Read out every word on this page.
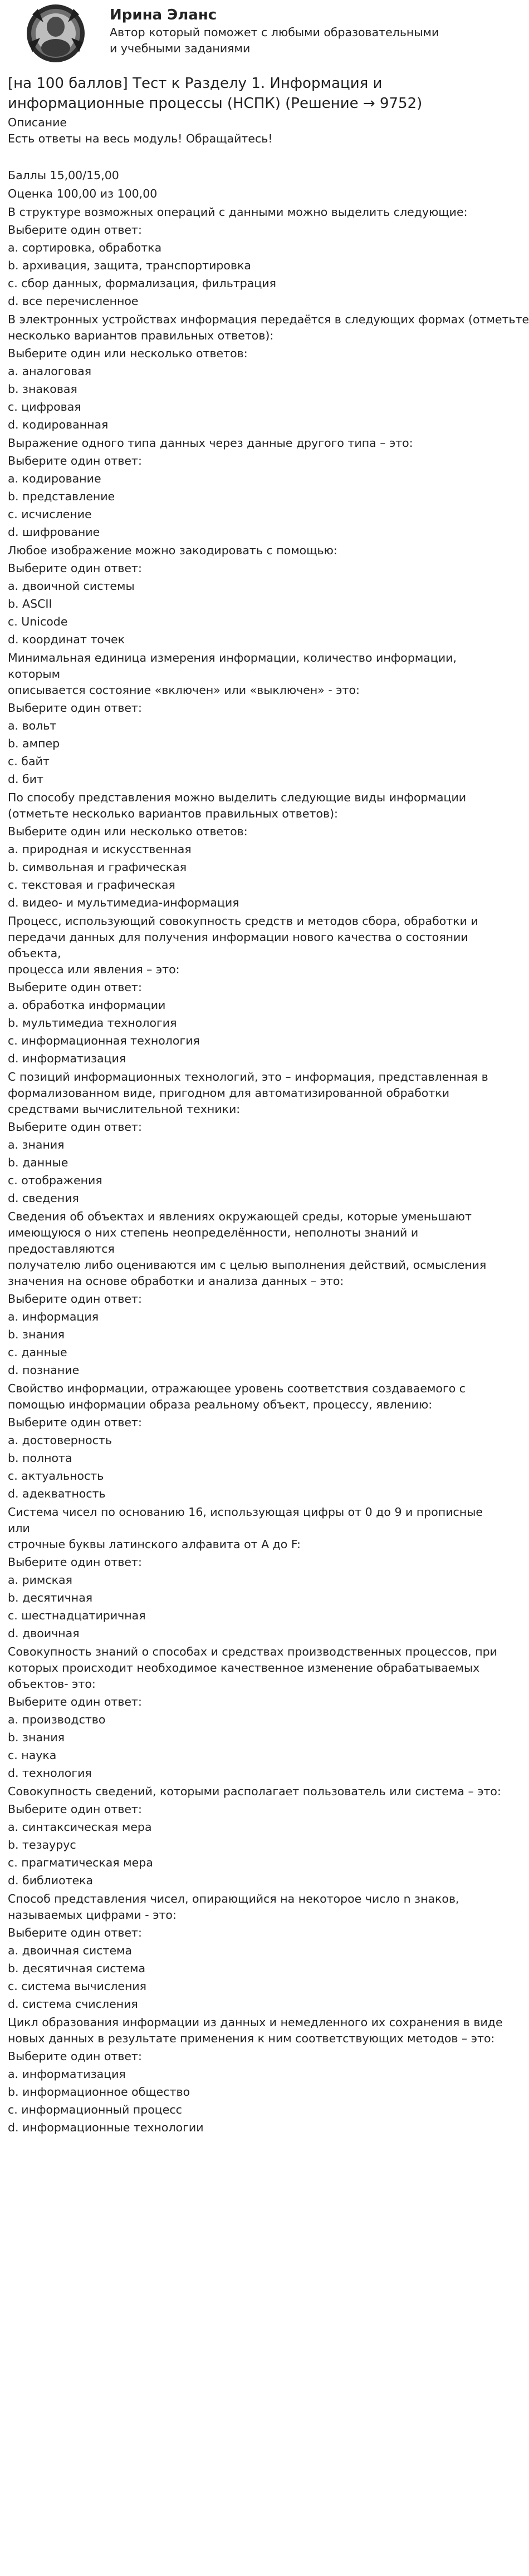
Ирина Эланс
Автор который поможет с любыми образовательными и учебными заданиями
[на 100 баллов] Тест к Разделу 1. Информация и информационные процессы (НСПК) (Решение → 9752)
Описание
Есть ответы на весь модуль! Обращайтесь!
Баллы 15,00/15,00
Оценка 100,00 из 100,00
В структуре возможных операций с данными можно выделить следующие:
Выберите один ответ:
a. сортировка, обработка
b. архивация, защита, транспортировка
c. сбор данных, формализация, фильтрация
d. все перечисленное
В электронных устройствах информация передаётся в следующих формах (отметьте
несколько вариантов правильных ответов):
Выберите один или несколько ответов:
a. аналоговая
b. знаковая
c. цифровая
d. кодированная
Выражение одного типа данных через данные другого типа – это:
Выберите один ответ:
a. кодирование
b. представление
c. исчисление
d. шифрование
Любое изображение можно закодировать с помощью:
Выберите один ответ:
a. двоичной системы
b. ASCII
c. Unicode
d. координат точек
Минимальная единица измерения информации, количество информации,
которым
описывается состояние «включен» или «выключен» - это:
Выберите один ответ:
a. вольт
b. ампер
c. байт
d. бит
По способу представления можно выделить следующие виды информации
(отметьте несколько вариантов правильных ответов):
Выберите один или несколько ответов:
a. природная и искусственная
b. символьная и графическая
c. текстовая и графическая
d. видео- и мультимедиа-информация
Процесс, использующий совокупность средств и методов сбора, обработки и
передачи данных для получения информации нового качества о состоянии
объекта,
процесса или явления – это:
Выберите один ответ:
a. обработка информации
b. мультимедиа технология
c. информационная технология
d. информатизация
С позиций информационных технологий, это – информация, представленная в
формализованном виде, пригодном для автоматизированной обработки
средствами вычислительной техники:
Выберите один ответ:
a. знания
b. данные
c. отображения
d. сведения
Сведения об объектах и явлениях окружающей среды, которые уменьшают
имеющуюся о них степень неопределённости, неполноты знаний и
предоставляются
получателю либо оцениваются им с целью выполнения действий, осмысления
значения на основе обработки и анализа данных – это:
Выберите один ответ:
a. информация
b. знания
c. данные
d. познание
Свойство информации, отражающее уровень соответствия создаваемого с
помощью информации образа реальному объект, процессу, явлению:
Выберите один ответ:
a. достоверность
b. полнота
c. актуальность
d. адекватность
Система чисел по основанию 16, использующая цифры от 0 до 9 и прописные
или
строчные буквы латинского алфавита от A до F:
Выберите один ответ:
a. римская
b. десятичная
c. шестнадцатиричная
d. двоичная
Совокупность знаний о способах и средствах производственных процессов, при
которых происходит необходимое качественное изменение обрабатываемых
объектов- это:
Выберите один ответ:
a. производство
b. знания
c. наука
d. технология
Совокупность сведений, которыми располагает пользователь или система – это:
Выберите один ответ:
a. синтаксическая мера
b. тезаурус
c. прагматическая мера
d. библиотека
Способ представления чисел, опирающийся на некоторое число n знаков,
называемых цифрами - это:
Выберите один ответ:
a. двоичная система
b. десятичная система
c. система вычисления
d. система счисления
Цикл образования информации из данных и немедленного их сохранения в виде
новых данных в результате применения к ним соответствующих методов – это:
Выберите один ответ:
a. информатизация
b. информационное общество
c. информационный процесс
d. информационные технологии
